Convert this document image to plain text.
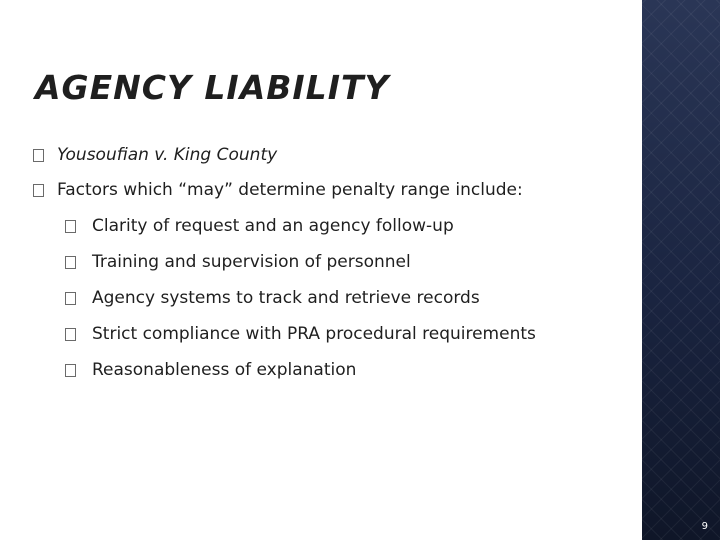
AGENCY LIABILITY
Yousoufian v. King County
Factors which “may” determine penalty range include:
Clarity of request and an agency follow-up
Training and supervision of personnel
Agency systems to track and retrieve records
Strict compliance with PRA procedural requirements
Reasonableness of explanation
9
